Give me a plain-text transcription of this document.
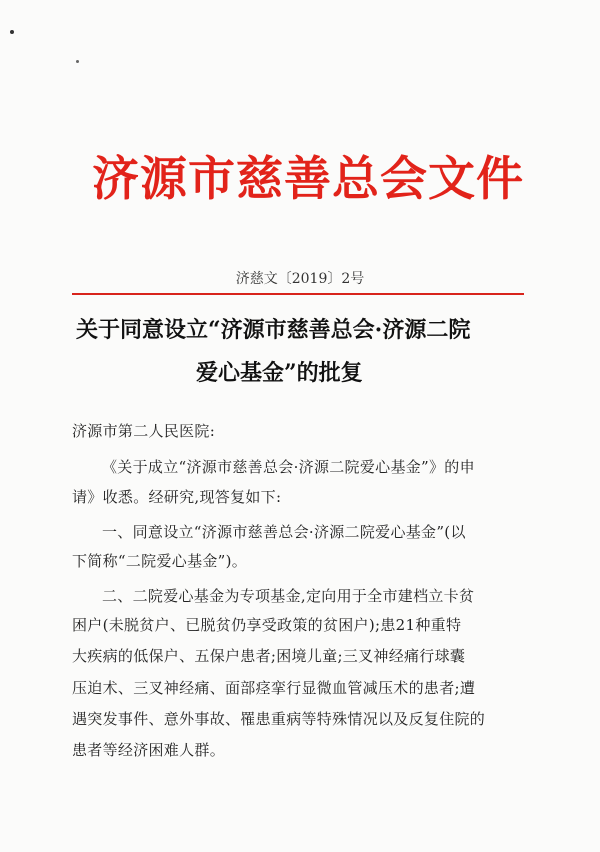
济源市慈善总会文件
济慈文〔2019〕2号
关于同意设立“济源市慈善总会·济源二院
爱心基金”的批复
济源市第二人民医院:
《关于成立“济源市慈善总会·济源二院爱心基金”》的申
请》收悉。经研究,现答复如下:
一、同意设立“济源市慈善总会·济源二院爱心基金”(以
下简称“二院爱心基金”)。
二、二院爱心基金为专项基金,定向用于全市建档立卡贫
困户(未脱贫户、已脱贫仍享受政策的贫困户);患21种重特
大疾病的低保户、五保户患者;困境儿童;三叉神经痛行球囊
压迫术、三叉神经痛、面部痉挛行显微血管减压术的患者;遭
遇突发事件、意外事故、罹患重病等特殊情况以及反复住院的
患者等经济困难人群。
